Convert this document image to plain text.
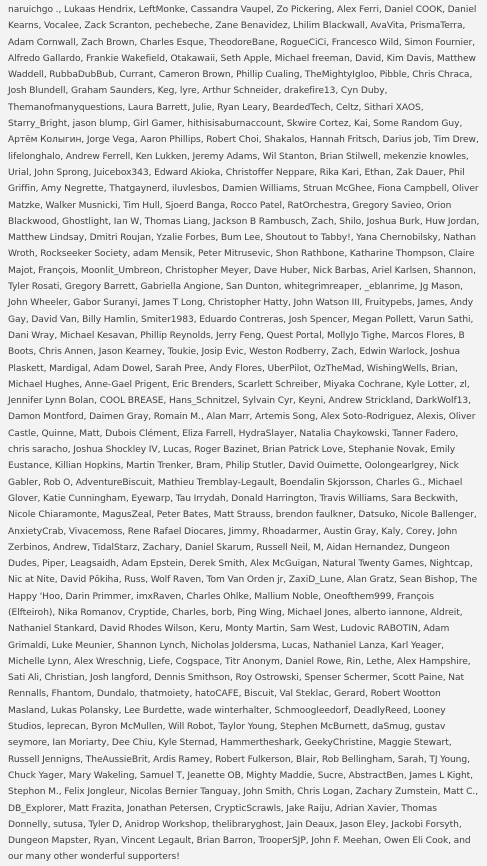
naruichgo ., Lukaas Hendrix, LeftMonke, Cassandra Vaupel, Zo Pickering, Alex Ferri, Daniel COOK, Daniel Kearns, Vocalee, Zack Scranton, pechebeche, Zane Benavidez, Lhilim Blackwall, AvaVita, PrismaTerra, Adam Cornwall, Zach Brown, Charles Esque, TheodoreBane, RogueCiCi, Francesco Wild, Simon Fournier, Alfredo Gallardo, Frankie Wakefield, Otakawaii, Seth Apple, Michael freeman, David, Kim Davis, Matthew Waddell, RubbaDubBub, Currant, Cameron Brown, Phillip Cualing, TheMightyIgloo, Pibble, Chris Chraca, Josh Blundell, Graham Saunders, Keg, lyre, Arthur Schneider, drakefire13, Cyn Duby, Themanofmanyquestions, Laura Barrett, Julie, Ryan Leary, BeardedTech, Celtz, Sithari XAOS, Starry_Bright, jason blump, Girl Gamer, hithisisaburnaccount, Skwire Cortez, Kai, Some Random Guy, Артём Колыгин, Jorge Vega, Aaron Phillips, Robert Choi, Shakalos, Hannah Fritsch, Darius job, Tim Drew, lifelonghalo, Andrew Ferrell, Ken Lukken, Jeremy Adams, Wil Stanton, Brian Stilwell, mekenzie knowles, Urial, John Sprong, Juicebox343, Edward Akioka, Christoffer Neppare, Rika Kari, Ethan, Zak Dauer, Phil Griffin, Amy Negrette, Thatgaynerd, iluvlesbos, Damien Williams, Struan McGhee, Fiona Campbell, Oliver Matzke, Walker Musnicki, Tim Hull, Sjoerd Banga, Rocco Patel, RatOrchestra, Gregory Savieo, Orion Blackwood, Ghostlight, Ian W, Thomas Liang, Jackson B Rambusch, Zach, Shilo, Joshua Burk, Huw Jordan, Matthew Lindsay, Dmitri Roujan, Yzalie Forbes, Bum Lee, Shoutout to Tabby!, Yana Chernobilsky, Nathan Wroth, Rockseeker Society, adam Mensik, Peter Mitrusevic, Shon Rathbone, Katharine Thompson, Claire Majot, François, Moonlit_Umbreon, Christopher Meyer, Dave Huber, Nick Barbas, Ariel Karlsen, Shannon, Tyler Rosati, Gregory Barrett, Gabriella Angione, San Dunton, whitegrimreaper, _eblanrime, Jg Mason, John Wheeler, Gabor Suranyi, James T Long, Christopher Hatty, John Watson III, Fruitypebs, James, Andy Gay, David Van, Billy Hamlin, Smiter1983, Eduardo Contreras, Josh Spencer, Megan Pollett, Varun Sathi, Dani Wray, Michael Kesavan, Phillip Reynolds, Jerry Feng, Quest Portal, MollyJo Tighe, Marcos Flores, B Boots, Chris Annen, Jason Kearney, Toukie, Josip Evic, Weston Rodberry, Zach, Edwin Warlock, Joshua Plaskett, Mardigal, Adam Dowel, Sarah Pree, Andy Flores, UberPilot, OzTheMad, WishingWells, Brian, Michael Hughes, Anne-Gael Prigent, Eric Brenders, Scarlett Schreiber, Miyaka Cochrane, Kyle Lotter, zl, Jennifer Lynn Bolan, COOL BREASE, Hans_Schnitzel, Sylvain Cyr, Keyni, Andrew Strickland, DarkWolf13, Damon Montford, Daimen Gray, Romain M., Alan Marr, Artemis Song, Alex Soto-Rodriguez, Alexis, Oliver Castle, Quinne, Matt, Dubois Clément, Eliza Farrell, HydraSlayer, Natalia Chaykowski, Tanner Fadero, chris saracho, Joshua Shockley IV, Lucas, Roger Bazinet, Brian Patrick Love, Stephanie Novak, Emily Eustance, Killian Hopkins, Martin Trenker, Bram, Philip Stutler, David Ouimette, Oolongearlgrey, Nick Gabler, Rob O, AdventureBiscuit, Mathieu Tremblay-Legault, Boendalin Skjorsson, Charles G., Michael Glover, Katie Cunningham, Eyewarp, Tau Irrydah, Donald Harrington, Travis Williams, Sara Beckwith, Nicole Chiaramonte, MagusZeal, Peter Bates, Matt Strauss, brendon faulkner, Datsuko, Nicole Ballenger, AnxietyCrab, Vivacemoss, Rene Rafael Diocares, Jimmy, Rhoadarmer, Austin Gray, Kaly, Corey, John Zerbinos, Andrew, TidalStarz, Zachary, Daniel Skarum, Russell Neil, M, Aidan Hernandez, Dungeon Dudes, Piper, Leagsaidh, Adam Epstein, Derek Smith, Alex McGuigan, Natural Twenty Games, Nightcap, Nic at Nite, David Pōkiha, Russ, Wolf Raven, Tom Van Orden jr, ZaxiD_Lune, Alan Gratz, Sean Bishop, The Happy 'Hoo, Darin Primmer, imxRaven, Charles Ohlke, Mallium Noble, Oneofthem999, François (Elfteiroh), Nika Romanov, Cryptide, Charles, borb, Ping Wing, Michael Jones, alberto iannone, Aldreit, Nathaniel Stankard, David Rhodes Wilson, Keru, Monty Martin, Sam West, Ludovic RABOTIN, Adam Grimaldi, Luke Meunier, Shannon Lynch, Nicholas Joldersma, Lucas, Nathaniel Lanza, Karl Yeager, Michelle Lynn, Alex Wreschnig, Liefe, Cogspace, Titr Anonym, Daniel Rowe, Rin, Lethe, Alex Hampshire, Sati Ali, Christian, Josh langford, Dennis Smithson, Roy Ostrowski, Spenser Schermer, Scott Paine, Nat Rennalls, Fhantom, Dundalo, thatmoiety, hatoCAFE, Biscuit, Val Steklac, Gerard, Robert Wootton Masland, Lukas Polansky, Lee Burdette, wade winterhalter, Schmoogleedorf, DeadlyReed, Looney Studios, leprecan, Byron McMullen, Will Robot, Taylor Young, Stephen McBurnett, daSmug, gustav seymore, Ian Moriarty, Dee Chiu, Kyle Sternad, Hammertheshark, GeekyChristine, Maggie Stewart, Russell Jennigns, TheAussieBrit, Ardis Ramey, Robert Fulkerson, Blair, Rob Bellingham, Sarah, TJ Young, Chuck Yager, Mary Wakeling, Samuel T, Jeanette OB, Mighty Maddie, Sucre, AbstractBen, James L Kight, Stephon M., Felix Jongleur, Nicolas Bernier Tanguay, John Smith, Chris Logan, Zachary Zumstein, Matt C., DB_Explorer, Matt Frazita, Jonathan Petersen, CrypticScrawls, Jake Raiju, Adrian Xavier, Thomas Donnelly, sutusa, Tyler D, Anidrop Workshop, thelibraryghost, Jain Deaux, Jason Eley, Jackobi Forsyth, Dungeon Mapster, Ryan, Vincent Legault, Brian Barron, TrooperSJP, John F. Meehan, Owen Eli Cook, and our many other wonderful supporters!
